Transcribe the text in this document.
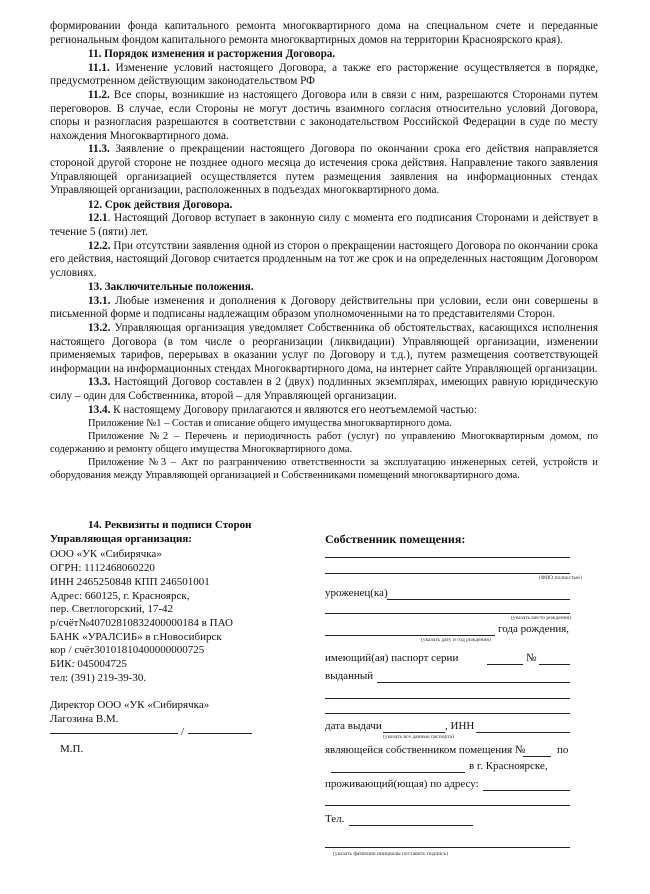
формировании фонда капитального ремонта многоквартирного дома на специальном счете и переданные региональным фондом капитального ремонта многоквартирных домов на территории Красноярского края).

11. Порядок изменения и расторжения Договора.

11.1. Изменение условий настоящего Договора, а также его расторжение осуществляется в порядке, предусмотренном действующим законодательством РФ

11.2. Все споры, возникшие из настоящего Договора или в связи с ним, разрешаются Сторонами путем переговоров. В случае, если Стороны не могут достичь взаимного согласия относительно условий Договора, споры и разногласия разрешаются в соответствии с законодательством Российской Федерации в суде по месту нахождения Многоквартирного дома.

11.3. Заявление о прекращении настоящего Договора по окончании срока его действия направляется стороной другой стороне не позднее одного месяца до истечения срока действия. Направление такого заявления Управляющей организацией осуществляется путем размещения заявления на информационных стендах Управляющей организации, расположенных в подъездах многоквартирного дома.

12. Срок действия Договора.

12.1. Настоящий Договор вступает в законную силу с момента его подписания Сторонами и действует в течение 5 (пяти) лет.

12.2. При отсутствии заявления одной из сторон о прекращении настоящего Договора по окончании срока его действия, настоящий Договор считается продленным на тот же срок и на определенных настоящим Договором условиях.

13. Заключительные положения.

13.1. Любые изменения и дополнения к Договору действительны при условии, если они совершены в письменной форме и подписаны надлежащим образом уполномоченными на то представителями Сторон.

13.2. Управляющая организация уведомляет Собственника об обстоятельствах, касающихся исполнения настоящего Договора (в том числе о реорганизации (ликвидации) Управляющей организации, изменении применяемых тарифов, перерывах в оказании услуг по Договору и т.д.), путем размещения соответствующей информации на информационных стендах Многоквартирного дома, на интернет сайте Управляющей организации.

13.3. Настоящий Договор составлен в 2 (двух) подлинных экземплярах, имеющих равную юридическую силу – один для Собственника, второй – для Управляющей организации.

13.4. К настоящему Договору прилагаются и являются его неотъемлемой частью:

Приложение №1 – Состав и описание общего имущества многоквартирного дома.

Приложение №2 – Перечень и периодичность работ (услуг) по управлению Многоквартирным домом, по содержанию и ремонту общего имущества Многоквартирного дома.

Приложение №3 – Акт по разграничению ответственности за эксплуатацию инженерных сетей, устройств и оборудования между Управляющей организацией и Собственниками помещений многоквартирного дома.

14. Реквизиты и подписи Сторон
Управляющая организация:
ООО «УК «Сибирячка»
ОГРН: 1112468060220
ИНН 2465250848 КПП 246501001
Адрес: 660125, г. Красноярск,
пер. Светлогорский, 17-42
р/счёт№40702810832400000184 в ПАО
БАНК «УРАЛСИБ» в г.Новосибирск
кор / счёт30101810400000000725
БИК: 045004725
тел: (391) 219-39-30.
Директор ООО «УК «Сибирячка»
Лагозина В.М.
/
М.П.
Собственник помещения:
(ФИО полностью)
уроженец(ка)
(указать место рождения)
года рождения,
(указать дату и год рождения)
имеющий(ая) паспорт серии	№
выданный
дата выдачи	, ИНН
(указать все данные паспорта)
являющейся собственником помещения №	по
в г. Красноярске,
проживающий(ющая) по адресу:
Тел.
(указать фамилию инициалы поставить подпись)
